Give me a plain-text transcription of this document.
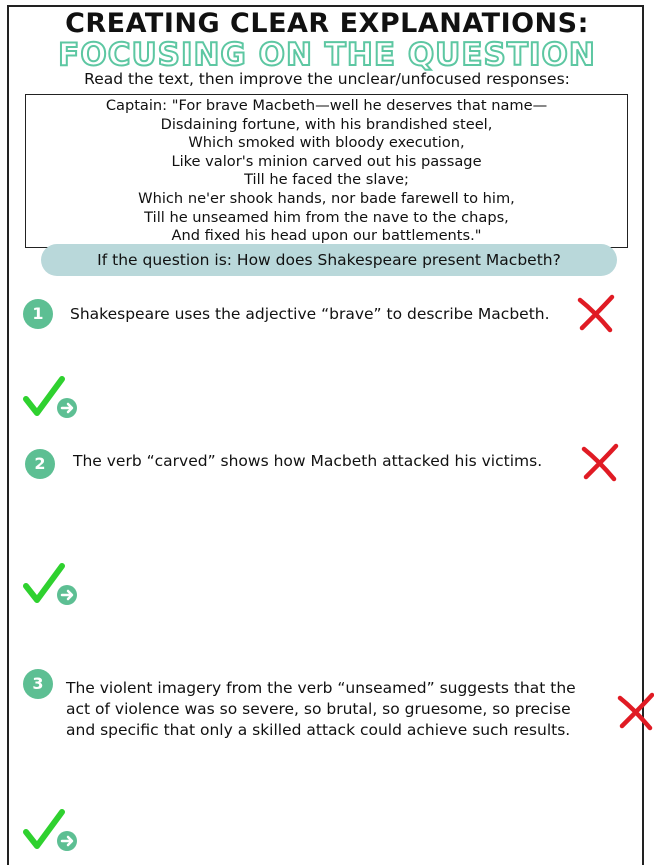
CREATING CLEAR EXPLANATIONS:
FOCUSING ON THE QUESTION
Read the text, then improve the unclear/unfocused responses:
Captain: "For brave Macbeth—well he deserves that name—
Disdaining fortune, with his brandished steel,
Which smoked with bloody execution,
Like valor's minion carved out his passage
Till he faced the slave;
Which ne'er shook hands, nor bade farewell to him,
Till he unseamed him from the nave to the chaps,
And fixed his head upon our battlements."
If the question is: How does Shakespeare present Macbeth?
1	Shakespeare uses the adjective “brave” to describe Macbeth.
2	The verb “carved” shows how Macbeth attacked his victims.
3	The violent imagery from the verb “unseamed” suggests that the
act of violence was so severe, so brutal, so gruesome, so precise
and specific that only a skilled attack could achieve such results.
